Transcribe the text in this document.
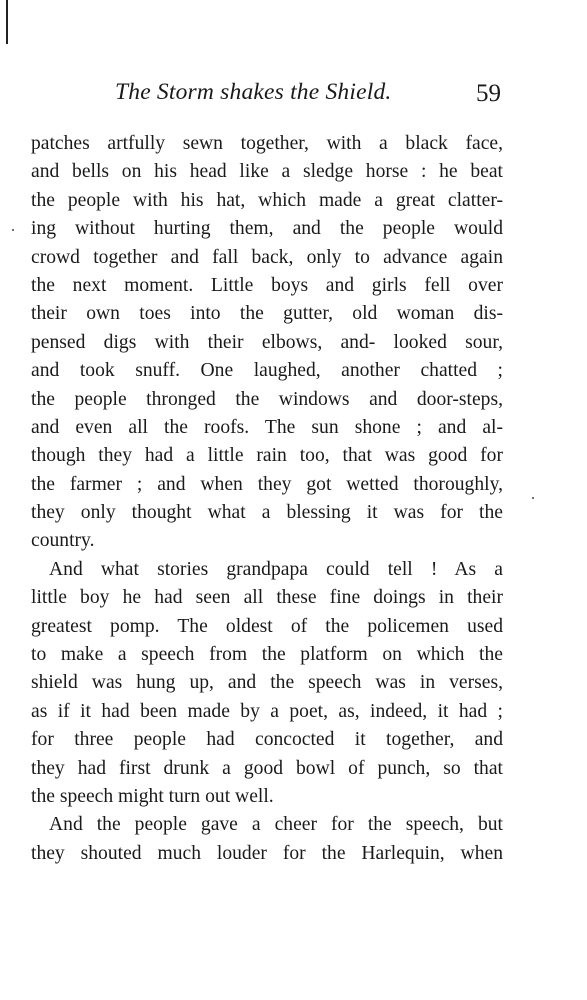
The Storm shakes the Shield.	59
patches artfully sewn together, with a black face,
and bells on his head like a sledge horse : he beat
the people with his hat, which made a great clatter-
ing without hurting them, and the people would
crowd together and fall back, only to advance again
the next moment. Little boys and girls fell over
their own toes into the gutter, old woman dis-
pensed digs with their elbows, and- looked sour,
and took snuff. One laughed, another chatted ;
the people thronged the windows and door-steps,
and even all the roofs. The sun shone ; and al-
though they had a little rain too, that was good for
the farmer ; and when they got wetted thoroughly,
they only thought what a blessing it was for the
country.
And what stories grandpapa could tell ! As a
little boy he had seen all these fine doings in their
greatest pomp. The oldest of the policemen used
to make a speech from the platform on which the
shield was hung up, and the speech was in verses,
as if it had been made by a poet, as, indeed, it had ;
for three people had concocted it together, and
they had first drunk a good bowl of punch, so that
the speech might turn out well.
And the people gave a cheer for the speech, but
they shouted much louder for the Harlequin, when
